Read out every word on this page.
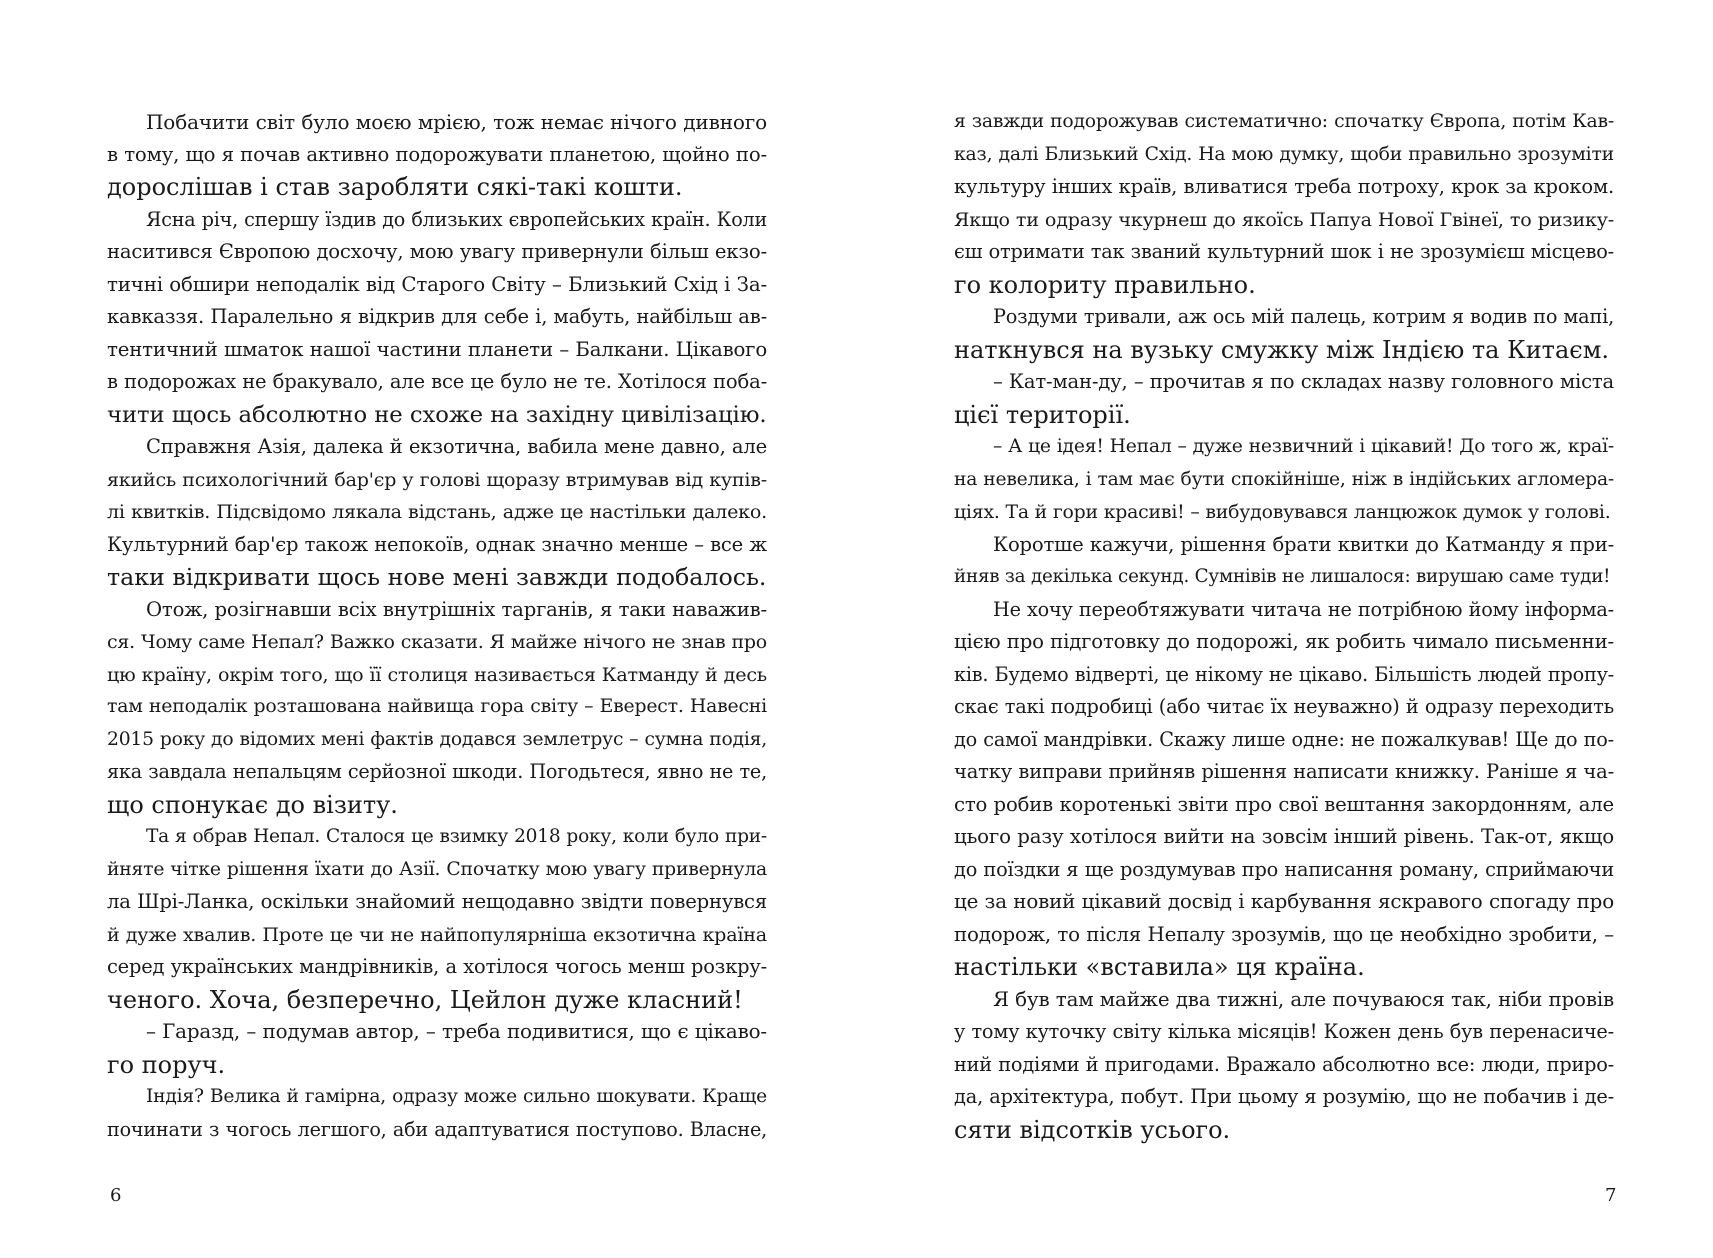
Побачити світ було моєю мрією, тож немає нічого дивного
в тому, що я почав активно подорожувати планетою, щойно по-
дорослішав і став заробляти сякі-такі кошти.
Ясна річ, спершу їздив до близьких європейських країн. Коли
наситився Європою досхочу, мою увагу привернули більш екзо-
тичні обшири неподалік від Старого Світу – Близький Схід і За-
кавказзя. Паралельно я відкрив для себе і, мабуть, найбільш ав-
тентичний шматок нашої частини планети – Балкани. Цікавого
в подорожах не бракувало, але все це було не те. Хотілося поба-
чити щось абсолютно не схоже на західну цивілізацію.
Справжня Азія, далека й екзотична, вабила мене давно, але
якийсь психологічний бар'єр у голові щоразу втримував від купів-
лі квитків. Підсвідомо лякала відстань, адже це настільки далеко.
Культурний бар'єр також непокоїв, однак значно менше – все ж
таки відкривати щось нове мені завжди подобалось.
Отож, розігнавши всіх внутрішніх тарганів, я таки наважив-
ся. Чому саме Непал? Важко сказати. Я майже нічого не знав про
цю країну, окрім того, що її столиця називається Катманду й десь
там неподалік розташована найвища гора світу – Еверест. Навесні
2015 року до відомих мені фактів додався землетрус – сумна подія,
яка завдала непальцям серйозної шкоди. Погодьтеся, явно не те,
що спонукає до візиту.
Та я обрав Непал. Сталося це взимку 2018 року, коли було при-
йняте чітке рішення їхати до Азії. Спочатку мою увагу привернула
ла Шрі-Ланка, оскільки знайомий нещодавно звідти повернувся
й дуже хвалив. Проте це чи не найпопулярніша екзотична країна
серед українських мандрівників, а хотілося чогось менш розкру-
ченого. Хоча, безперечно, Цейлон дуже класний!
– Гаразд, – подумав автор, – треба подивитися, що є цікаво-
го поруч.
Індія? Велика й гамірна, одразу може сильно шокувати. Краще
починати з чогось легшого, аби адаптуватися поступово. Власне,
6
я завжди подорожував систематично: спочатку Європа, потім Кав-
каз, далі Близький Схід. На мою думку, щоби правильно зрозуміти
культуру інших країв, вливатися треба потроху, крок за кроком.
Якщо ти одразу чкурнеш до якоїсь Папуа Нової Гвінеї, то ризику-
єш отримати так званий культурний шок і не зрозумієш місцево-
го колориту правильно.
Роздуми тривали, аж ось мій палець, котрим я водив по мапі,
наткнувся на вузьку смужку між Індією та Китаєм.
– Кат-ман-ду, – прочитав я по складах назву головного міста
цієї території.
– А це ідея! Непал – дуже незвичний і цікавий! До того ж, краї-
на невелика, і там має бути спокійніше, ніж в індійських агломера-
ціях. Та й гори красиві! – вибудовувався ланцюжок думок у голові.
Коротше кажучи, рішення брати квитки до Катманду я при-
йняв за декілька секунд. Сумнівів не лишалося: вирушаю саме туди!
Не хочу переобтяжувати читача не потрібною йому інформа-
цією про підготовку до подорожі, як робить чимало письменни-
ків. Будемо відверті, це нікому не цікаво. Більшість людей пропу-
скає такі подробиці (або читає їх неуважно) й одразу переходить
до самої мандрівки. Скажу лише одне: не пожалкував! Ще до по-
чатку виправи прийняв рішення написати книжку. Раніше я ча-
сто робив коротенькі звіти про свої вештання закордонням, але
цього разу хотілося вийти на зовсім інший рівень. Так-от, якщо
до поїздки я ще роздумував про написання роману, сприймаючи
це за новий цікавий досвід і карбування яскравого спогаду про
подорож, то після Непалу зрозумів, що це необхідно зробити, –
настільки «вставила» ця країна.
Я був там майже два тижні, але почуваюся так, ніби провів
у тому куточку світу кілька місяців! Кожен день був перенасиче-
ний подіями й пригодами. Вражало абсолютно все: люди, приро-
да, архітектура, побут. При цьому я розумію, що не побачив і де-
сяти відсотків усього.
7
